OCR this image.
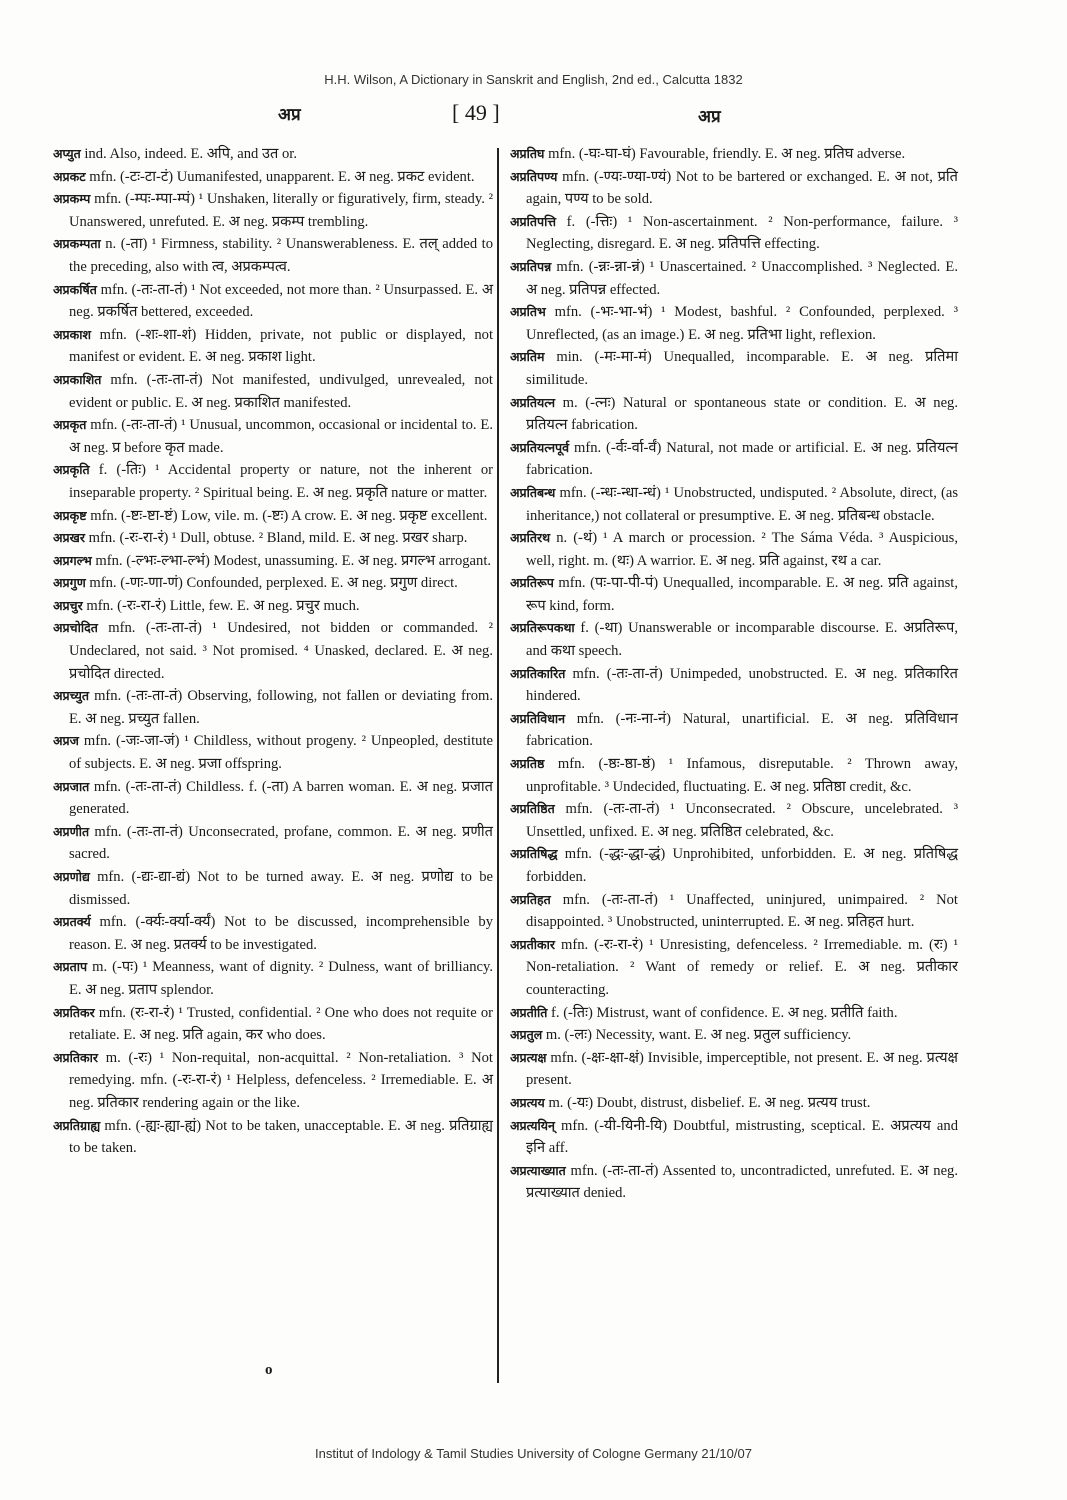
H.H. Wilson, A Dictionary in Sanskrit and English, 2nd ed., Calcutta 1832
अप्र	[ 49 ]	अप्र

अप्युत ind. Also, indeed. E. अपि, and उत or.

अप्रकट mfn. (-टः-टा-टं) Uumanifested, unapparent. E. अ neg. प्रकट evident.

अप्रकम्प mfn. (-म्पः-म्पा-म्पं) ¹ Unshaken, literally or figuratively, firm, steady. ² Unanswered, unrefuted. E. अ neg. प्रकम्प trembling.

अप्रकम्पता n. (-ता) ¹ Firmness, stability. ² Unanswerableness. E. तल् added to the preceding, also with त्व, अप्रकम्पत्व.

अप्रकर्षित mfn. (-तः-ता-तं) ¹ Not exceeded, not more than. ² Unsurpassed. E. अ neg. प्रकर्षित bettered, exceeded.

अप्रकाश mfn. (-शः-शा-शं) Hidden, private, not public or displayed, not manifest or evident. E. अ neg. प्रकाश light.

अप्रकाशित mfn. (-तः-ता-तं) Not manifested, undivulged, unrevealed, not evident or public. E. अ neg. प्रकाशित manifested.

अप्रकृत mfn. (-तः-ता-तं) ¹ Unusual, uncommon, occasional or incidental to. E. अ neg. प्र before कृत made.

अप्रकृति f. (-तिः) ¹ Accidental property or nature, not the inherent or inseparable property. ² Spiritual being. E. अ neg. प्रकृति nature or matter.

अप्रकृष्ट mfn. (-ष्टः-ष्टा-ष्टं) Low, vile. m. (-ष्टः) A crow. E. अ neg. प्रकृष्ट excellent.

अप्रखर mfn. (-रः-रा-रं) ¹ Dull, obtuse. ² Bland, mild. E. अ neg. प्रखर sharp.

अप्रगल्भ mfn. (-ल्भः-ल्भा-ल्भं) Modest, unassuming. E. अ neg. प्रगल्भ arrogant.

अप्रगुण mfn. (-णः-णा-णं) Confounded, perplexed. E. अ neg. प्रगुण direct.

अप्रचुर mfn. (-रः-रा-रं) Little, few. E. अ neg. प्रचुर much.

अप्रचोदित mfn. (-तः-ता-तं) ¹ Undesired, not bidden or commanded. ² Undeclared, not said. ³ Not promised. ⁴ Unasked, declared. E. अ neg. प्रचोदित directed.

अप्रच्युत mfn. (-तः-ता-तं) Observing, following, not fallen or deviating from. E. अ neg. प्रच्युत fallen.

अप्रज mfn. (-जः-जा-जं) ¹ Childless, without progeny. ² Unpeopled, destitute of subjects. E. अ neg. प्रजा offspring.

अप्रजात mfn. (-तः-ता-तं) Childless. f. (-ता) A barren woman. E. अ neg. प्रजात generated.

अप्रणीत mfn. (-तः-ता-तं) Unconsecrated, profane, common. E. अ neg. प्रणीत sacred.

अप्रणोद्य mfn. (-द्यः-द्या-द्यं) Not to be turned away. E. अ neg. प्रणोद्य to be dismissed.

अप्रतर्क्य mfn. (-र्क्यः-र्क्या-र्क्यं) Not to be discussed, incomprehensible by reason. E. अ neg. प्रतर्क्य to be investigated.

अप्रताप m. (-पः) ¹ Meanness, want of dignity. ² Dulness, want of brilliancy. E. अ neg. प्रताप splendor.

अप्रतिकर mfn. (रः-रा-रं) ¹ Trusted, confidential. ² One who does not requite or retaliate. E. अ neg. प्रति again, कर who does.

अप्रतिकार m. (-रः) ¹ Non-requital, non-acquittal. ² Non-retaliation. ³ Not remedying. mfn. (-रः-रा-रं) ¹ Helpless, defenceless. ² Irremediable. E. अ neg. प्रतिकार rendering again or the like.

अप्रतिग्राह्य mfn. (-ह्यः-ह्या-ह्यं) Not to be taken, unacceptable. E. अ neg. प्रतिग्राह्य to be taken.

अप्रतिघ mfn. (-घः-घा-घं) Favourable, friendly. E. अ neg. प्रतिघ adverse.

अप्रतिपण्य mfn. (-ण्यः-ण्या-ण्यं) Not to be bartered or exchanged. E. अ not, प्रति again, पण्य to be sold.

अप्रतिपत्ति f. (-त्तिः) ¹ Non-ascertainment. ² Non-performance, failure. ³ Neglecting, disregard. E. अ neg. प्रतिपत्ति effecting.

अप्रतिपन्न mfn. (-न्नः-न्ना-न्नं) ¹ Unascertained. ² Unaccomplished. ³ Neglected. E. अ neg. प्रतिपन्न effected.

अप्रतिभ mfn. (-भः-भा-भं) ¹ Modest, bashful. ² Confounded, perplexed. ³ Unreflected, (as an image.) E. अ neg. प्रतिभा light, reflexion.

अप्रतिम min. (-मः-मा-मं) Unequalled, incomparable. E. अ neg. प्रतिमा similitude.

अप्रतियत्न m. (-त्नः) Natural or spontaneous state or condition. E. अ neg. प्रतियत्न fabrication.

अप्रतियत्नपूर्व mfn. (-र्वः-र्वा-र्वं) Natural, not made or artificial. E. अ neg. प्रतियत्न fabrication.

अप्रतिबन्ध mfn. (-न्धः-न्धा-न्धं) ¹ Unobstructed, undisputed. ² Absolute, direct, (as inheritance,) not collateral or presumptive. E. अ neg. प्रतिबन्ध obstacle.

अप्रतिरथ n. (-थं) ¹ A march or procession. ² The Sáma Véda. ³ Auspicious, well, right. m. (थः) A warrior. E. अ neg. प्रति against, रथ a car.

अप्रतिरूप mfn. (पः-पा-पी-पं) Unequalled, incomparable. E. अ neg. प्रति against, रूप kind, form.

अप्रतिरूपकथा f. (-था) Unanswerable or incomparable discourse. E. अप्रतिरूप, and कथा speech.

अप्रतिकारित mfn. (-तः-ता-तं) Unimpeded, unobstructed. E. अ neg. प्रतिकारित hindered.

अप्रतिविधान mfn. (-नः-ना-नं) Natural, unartificial. E. अ neg. प्रतिविधान fabrication.

अप्रतिष्ठ mfn. (-ष्ठः-ष्ठा-ष्ठं) ¹ Infamous, disreputable. ² Thrown away, unprofitable. ³ Undecided, fluctuating. E. अ neg. प्रतिष्ठा credit, &c.

अप्रतिष्ठित mfn. (-तः-ता-तं) ¹ Unconsecrated. ² Obscure, uncelebrated. ³ Unsettled, unfixed. E. अ neg. प्रतिष्ठित celebrated, &c.

अप्रतिषिद्ध mfn. (-द्धः-द्धा-द्धं) Unprohibited, unforbidden. E. अ neg. प्रतिषिद्ध forbidden.

अप्रतिहत mfn. (-तः-ता-तं) ¹ Unaffected, uninjured, unimpaired. ² Not disappointed. ³ Unobstructed, uninterrupted. E. अ neg. प्रतिहत hurt.

अप्रतीकार mfn. (-रः-रा-रं) ¹ Unresisting, defenceless. ² Irremediable. m. (रः) ¹ Non-retaliation. ² Want of remedy or relief. E. अ neg. प्रतीकार counteracting.

अप्रतीति f. (-तिः) Mistrust, want of confidence. E. अ neg. प्रतीति faith.

अप्रतुल m. (-लः) Necessity, want. E. अ neg. प्रतुल sufficiency.

अप्रत्यक्ष mfn. (-क्षः-क्षा-क्षं) Invisible, imperceptible, not present. E. अ neg. प्रत्यक्ष present.

अप्रत्यय m. (-यः) Doubt, distrust, disbelief. E. अ neg. प्रत्यय trust.

अप्रत्ययिन् mfn. (-यी-यिनी-यि) Doubtful, mistrusting, sceptical. E. अप्रत्यय and इनि aff.

अप्रत्याख्यात mfn. (-तः-ता-तं) Assented to, uncontradicted, unrefuted. E. अ neg. प्रत्याख्यात denied.

o
Institut of Indology & Tamil Studies University of Cologne Germany 21/10/07
